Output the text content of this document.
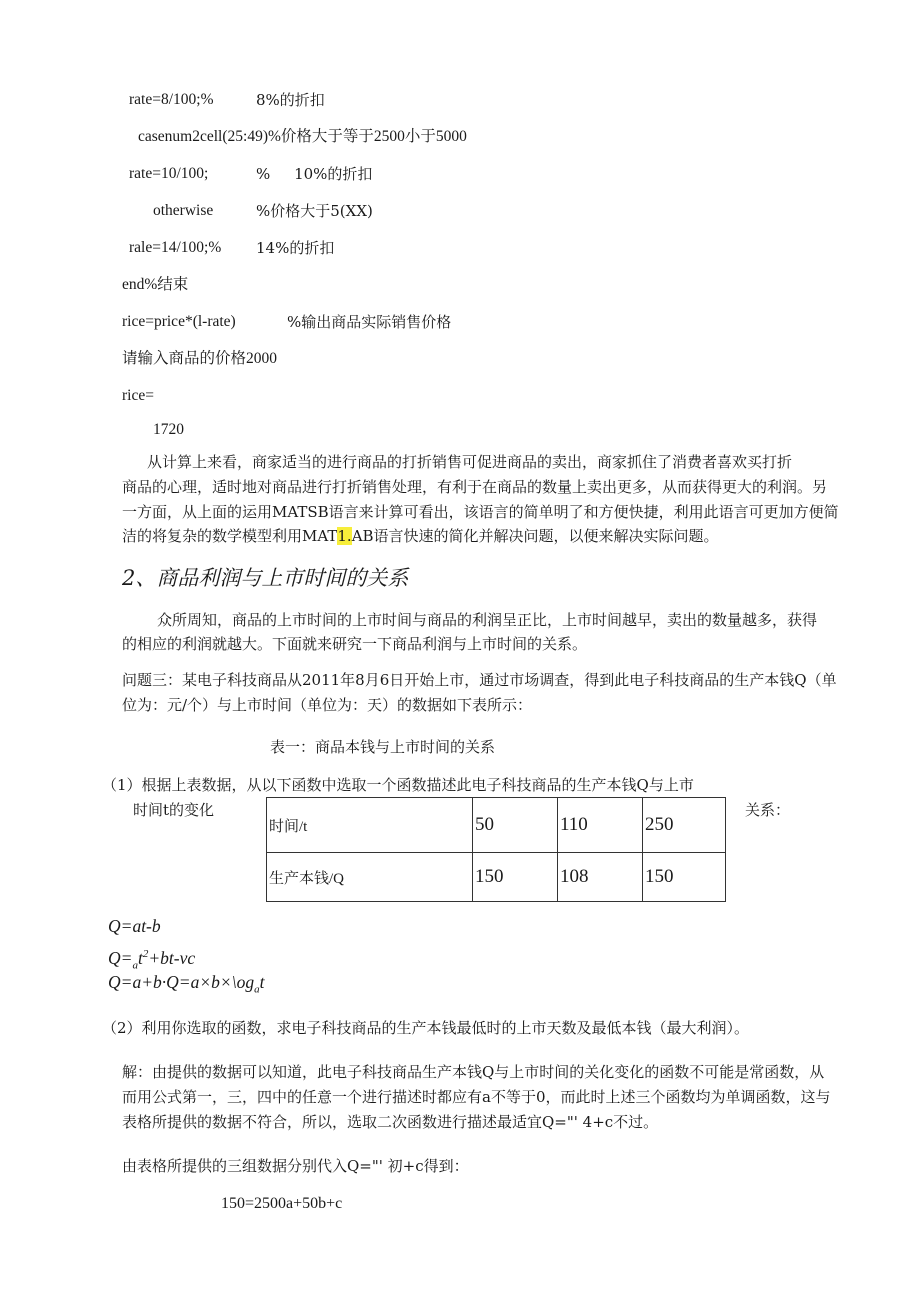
rate=8/100;%	8%的折扣
casenum2cell(25:49)%价格大于等于2500小于5000
rate=10/100;	%     10%的折扣
otherwise	%价格大于5(XX)
rale=14/100;% 14%的折扣
end%结束
rice=price*(l-rate)	%输出商品实际销售价格
请输入商品的价格2000
rice=
1720
从计算上来看，商家适当的进行商品的打折销售可促进商品的卖出，商家抓住了消费者喜欢买打折
商品的心理，适时地对商品进行打折销售处理，有利于在商品的数量上卖出更多，从而获得更大的利润。另
一方面，从上面的运用MATSB语言来计算可看出，该语言的简单明了和方便快捷，利用此语言可更加方便简
洁的将复杂的数学模型利用MAT1.AB语言快速的简化并解决问题，以便来解决实际问题。
2、商品利润与上市时间的关系
众所周知，商品的上市时间的上市时间与商品的利润呈正比，上市时间越早，卖出的数量越多，获得
的相应的利润就越大。下面就来研究一下商品利润与上市时间的关系。
问题三：某电子科技商品从2011年8月6日开始上市，通过市场调查，得到此电子科技商品的生产本钱Q（单
位为：元/个）与上市时间（单位为：天）的数据如下表所示：
表一：商品本钱与上市时间的关系
（1）根据上表数据，从以下函数中选取一个函数描述此电子科技商品的生产本钱Q与上市
时间t的变化	关系：
时间/t	50	110	250
生产本钱/Q	150	108	150
Q=at-b
$Q=_at^2+bt-vc$
$Q=a+b\cdot Q=a\times b\times\backslash og_at$
（2）利用你选取的函数，求电子科技商品的生产本钱最低时的上市天数及最低本钱（最大利润）。
解：由提供的数据可以知道，此电子科技商品生产本钱Q与上市时间的关化变化的函数不可能是常函数，从
而用公式第一，三，四中的任意一个进行描述时都应有a不等于0，而此时上述三个函数均为单调函数，这与
表格所提供的数据不符合，所以，选取二次函数进行描述最适宜Q="' 4+c不过。
由表格所提供的三组数据分别代入Q="' 初+c得到：
150=2500a+50b+c
